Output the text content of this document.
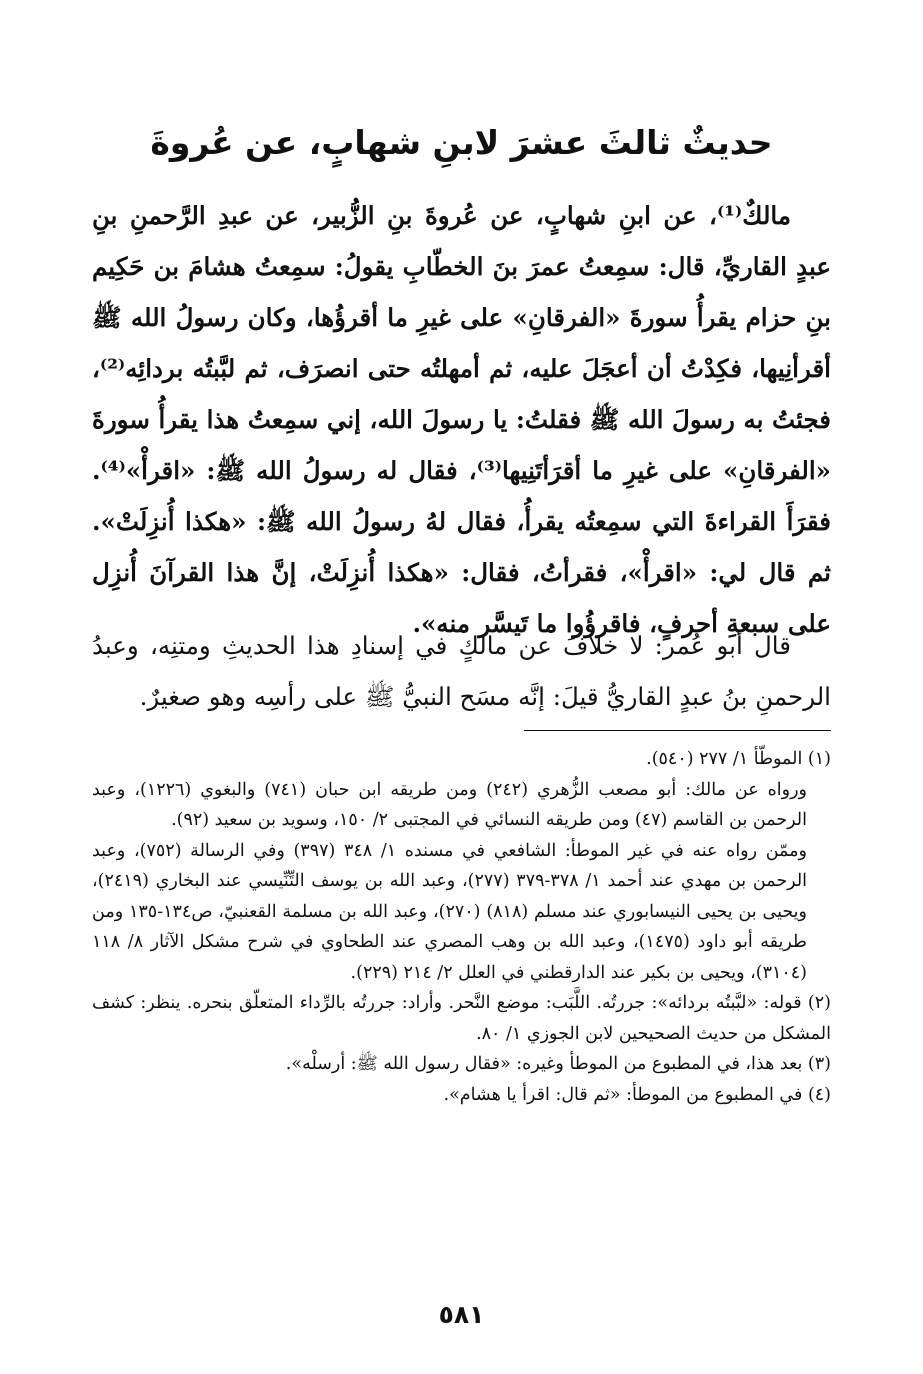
حديثٌ ثالثَ عشرَ لابنِ شهابٍ، عن عُروةَ

مالكٌ⁽¹⁾، عن ابنِ شهابٍ، عن عُروةَ بنِ الزُّبير، عن عبدِ الرَّحمنِ بنِ عبدٍ القاريِّ، قال: سمِعتُ عمرَ بنَ الخطّابِ يقولُ: سمِعتُ هشامَ بن حَكِيم بنِ حزام يقرأُ سورةَ «الفرقانِ» على غيرِ ما أقرؤُها، وكان رسولُ الله ﷺ أقرأنِيها، فكِدْتُ أن أعجَلَ عليه، ثم أمهلتُه حتى انصرَف، ثم لبَّبتُه بردائِه⁽²⁾، فجئتُ به رسولَ الله ﷺ فقلتُ: يا رسولَ الله، إني سمِعتُ هذا يقرأُ سورةَ «الفرقانِ» على غيرِ ما أقرَأتَنِيها⁽³⁾، فقال له رسولُ الله ﷺ: «اقرأْ»⁽⁴⁾. فقرَأَ القراءةَ التي سمِعتُه يقرأُ، فقال لهُ رسولُ الله ﷺ: «هكذا أُنزِلَتْ». ثم قال لي: «اقرأْ»، فقرأتُ، فقال: «هكذا أُنزِلَتْ، إنَّ هذا القرآنَ أُنزِل على سبعةِ أحرفٍ، فاقرؤُوا ما تَيسَّر منه».

قال أبو عُمر: لا خلافَ عن مالكٍ في إسنادِ هذا الحديثِ ومتنِه، وعبدُ الرحمنِ بنُ عبدٍ القاريُّ قيلَ: إنَّه مسَح النبيُّ ﷺ على رأسِه وهو صغيرٌ.

(١) الموطّأ ١/ ٢٧٧ (٥٤٠).

ورواه عن مالك: أبو مصعب الزُّهري (٢٤٢) ومن طريقه ابن حبان (٧٤١) والبغوي (١٢٢٦)، وعبد الرحمن بن القاسم (٤٧) ومن طريقه النسائي في المجتبى ٢/ ١٥٠، وسويد بن سعيد (٩٢).

وممّن رواه عنه في غير الموطأ: الشافعي في مسنده ١/ ٣٤٨ (٣٩٧) وفي الرسالة (٧٥٢)، وعبد الرحمن بن مهدي عند أحمد ١/ ٣٧٨-٣٧٩ (٢٧٧)، وعبد الله بن يوسف التِّنِّيسي عند البخاري (٢٤١٩)، ويحيى بن يحيى النيسابوري عند مسلم (٨١٨) (٢٧٠)، وعبد الله بن مسلمة القعنبيّ، ص١٣٤-١٣٥ ومن طريقه أبو داود (١٤٧٥)، وعبد الله بن وهب المصري عند الطحاوي في شرح مشكل الآثار ٨/ ١١٨ (٣١٠٤)، ويحيى بن بكير عند الدارقطني في العلل ٢/ ٢١٤ (٢٢٩).

(٢) قوله: «لبَّبتُه بردائه»: جررتُه. اللَّبَب: موضع النَّحر. وأراد: جررتُه بالرِّداء المتعلّق بنحره. ينظر: كشف المشكل من حديث الصحيحين لابن الجوزي ١/ ٨٠.

(٣) بعد هذا، في المطبوع من الموطأ وغيره: «فقال رسول الله ﷺ: أرسلْه».

(٤) في المطبوع من الموطأ: «ثم قال: اقرأ يا هشام».

٥٨١
